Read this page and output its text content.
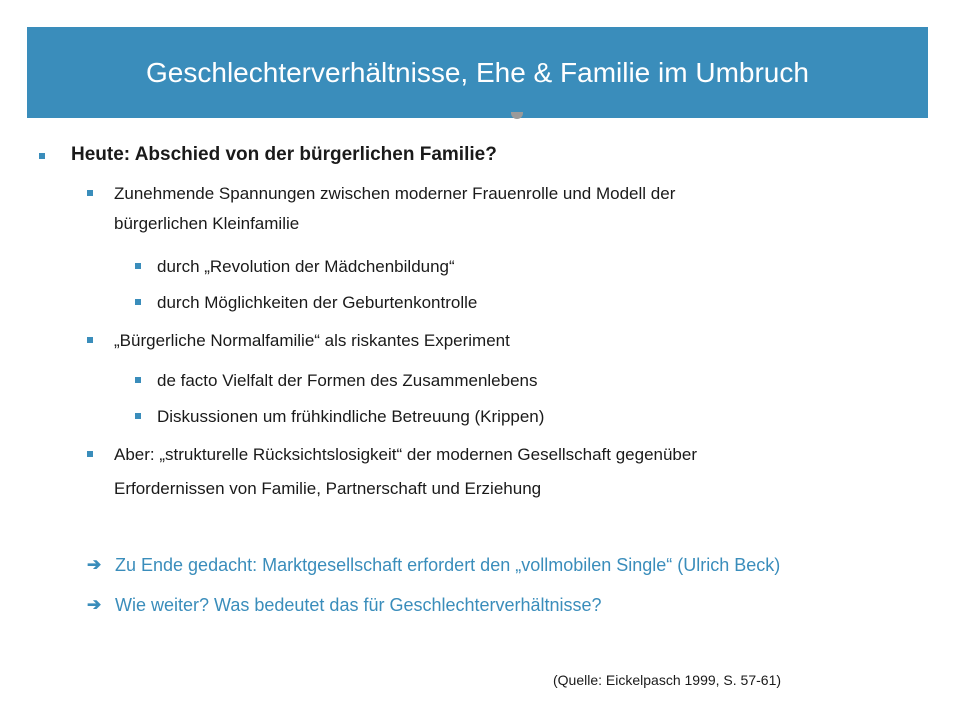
Geschlechterverhältnisse, Ehe & Familie im Umbruch
Heute: Abschied von der bürgerlichen Familie?
Zunehmende Spannungen zwischen moderner Frauenrolle und Modell der
bürgerlichen Kleinfamilie
durch „Revolution der Mädchenbildung“
durch Möglichkeiten der Geburtenkontrolle
„Bürgerliche Normalfamilie“ als riskantes Experiment
de facto Vielfalt der Formen des Zusammenlebens
Diskussionen um frühkindliche Betreuung (Krippen)
Aber: „strukturelle Rücksichtslosigkeit“ der modernen Gesellschaft gegenüber
Erfordernissen von Familie, Partnerschaft und Erziehung
➔ Zu Ende gedacht: Marktgesellschaft erfordert den „vollmobilen Single“ (Ulrich Beck)
➔ Wie weiter? Was bedeutet das für Geschlechterverhältnisse?
(Quelle: Eickelpasch 1999, S. 57-61)
